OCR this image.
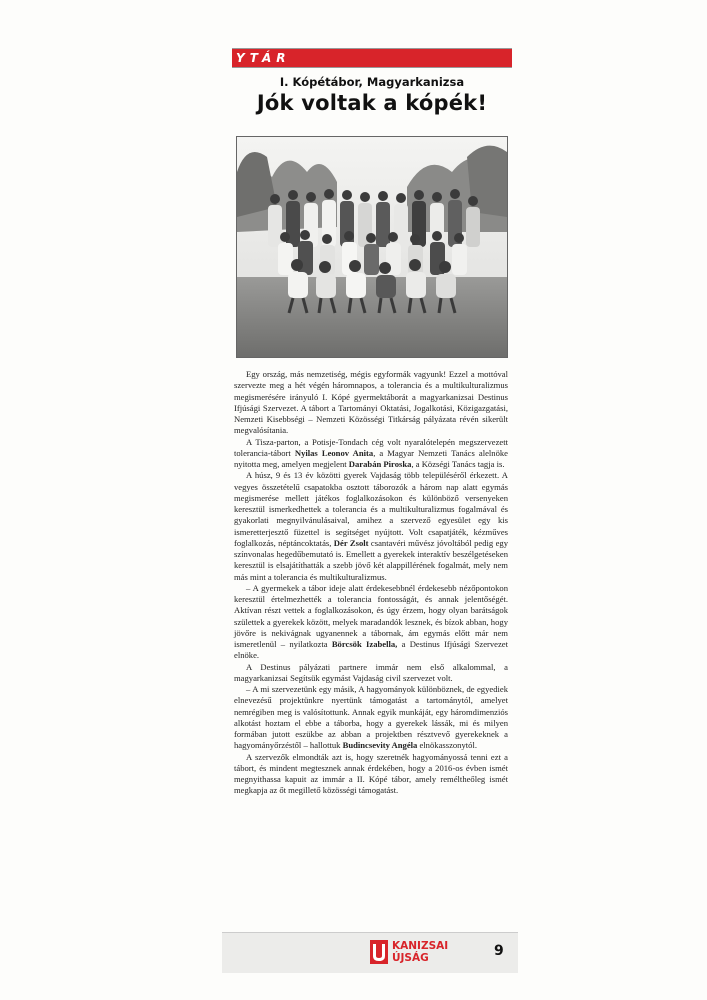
YTÁR
I. Kópétábor, Magyarkanizsa
Jók voltak a kópék!

Egy ország, más nemzetiség, mégis egyformák vagyunk! Ezzel a mottóval szervezte meg a hét végén háromnapos, a tolerancia és a multikulturalizmus megismerésére irányuló I. Kópé gyermektáborát a magyarkanizsai Destinus Ifjúsági Szervezet. A tábort a Tartományi Oktatási, Jogalkotási, Közigazgatási, Nemzeti Kisebbségi – Nemzeti Közösségi Titkárság pályázata révén sikerült megvalósítania.

A Tisza-parton, a Potisje-Tondach cég volt nyaralótelepén megszervezett tolerancia-tábort Nyilas Leonov Anita, a Magyar Nemzeti Tanács alelnöke nyitotta meg, amelyen megjelent Darabán Piroska, a Községi Tanács tagja is.

A húsz, 9 és 13 év közötti gyerek Vajdaság több településéről érkezett. A vegyes összetételű csapatokba osztott táborozók a három nap alatt egymás megismerése mellett játékos foglalkozásokon és különböző versenyeken keresztül ismerkedhettek a tolerancia és a multikulturalizmus fogalmával és gyakorlati megnyilvánulásaival, amihez a szervező egyesület egy kis ismeretterjesztő füzettel is segítséget nyújtott. Volt csapatjáték, kézműves foglalkozás, néptáncoktatás, Dér Zsolt csantavéri művész jóvoltából pedig egy színvonalas hegedűbemutató is. Emellett a gyerekek interaktív beszélgetéseken keresztül is elsajátíthatták a szebb jövő két alappillérének fogalmát, mely nem más mint a tolerancia és multikulturalizmus.

– A gyermekek a tábor ideje alatt érdekesebbnél érdekesebb nézőpontokon keresztül értelmezhették a tolerancia fontosságát, és annak jelentőségét. Aktívan részt vettek a foglalkozásokon, és úgy érzem, hogy olyan barátságok születtek a gyerekek között, melyek maradandók lesznek, és bízok abban, hogy jövőre is nekivágnak ugyanennek a tábornak, ám egymás előtt már nem ismeretlenül – nyilatkozta Börcsök Izabella, a Destinus Ifjúsági Szervezet elnöke.

A Destinus pályázati partnere immár nem első alkalommal, a magyarkanizsai Segítsük egymást Vajdaság civil szervezet volt.

– A mi szervezetünk egy másik, A hagyományok különböznek, de egyediek elnevezésű projektünkre nyertünk támogatást a tartománytól, amelyet nemrégiben meg is valósítottunk. Annak egyik munkáját, egy háromdimenziós alkotást hoztam el ebbe a táborba, hogy a gyerekek lássák, mi és milyen formában jutott eszükbe az abban a projektben résztvevő gyerekeknek a hagyományőrzéstől – hallottuk Budincsevity Angéla elnökasszonytól.

A szervezők elmondták azt is, hogy szeretnék hagyományossá tenni ezt a tábort, és mindent megtesznek annak érdekében, hogy a 2016-os évben ismét megnyithassa kapuit az immár a II. Kópé tábor, amely reméltheőleg ismét megkapja az őt megillető közösségi támogatást.

KANIZSAI
ÚJSÁG	9
